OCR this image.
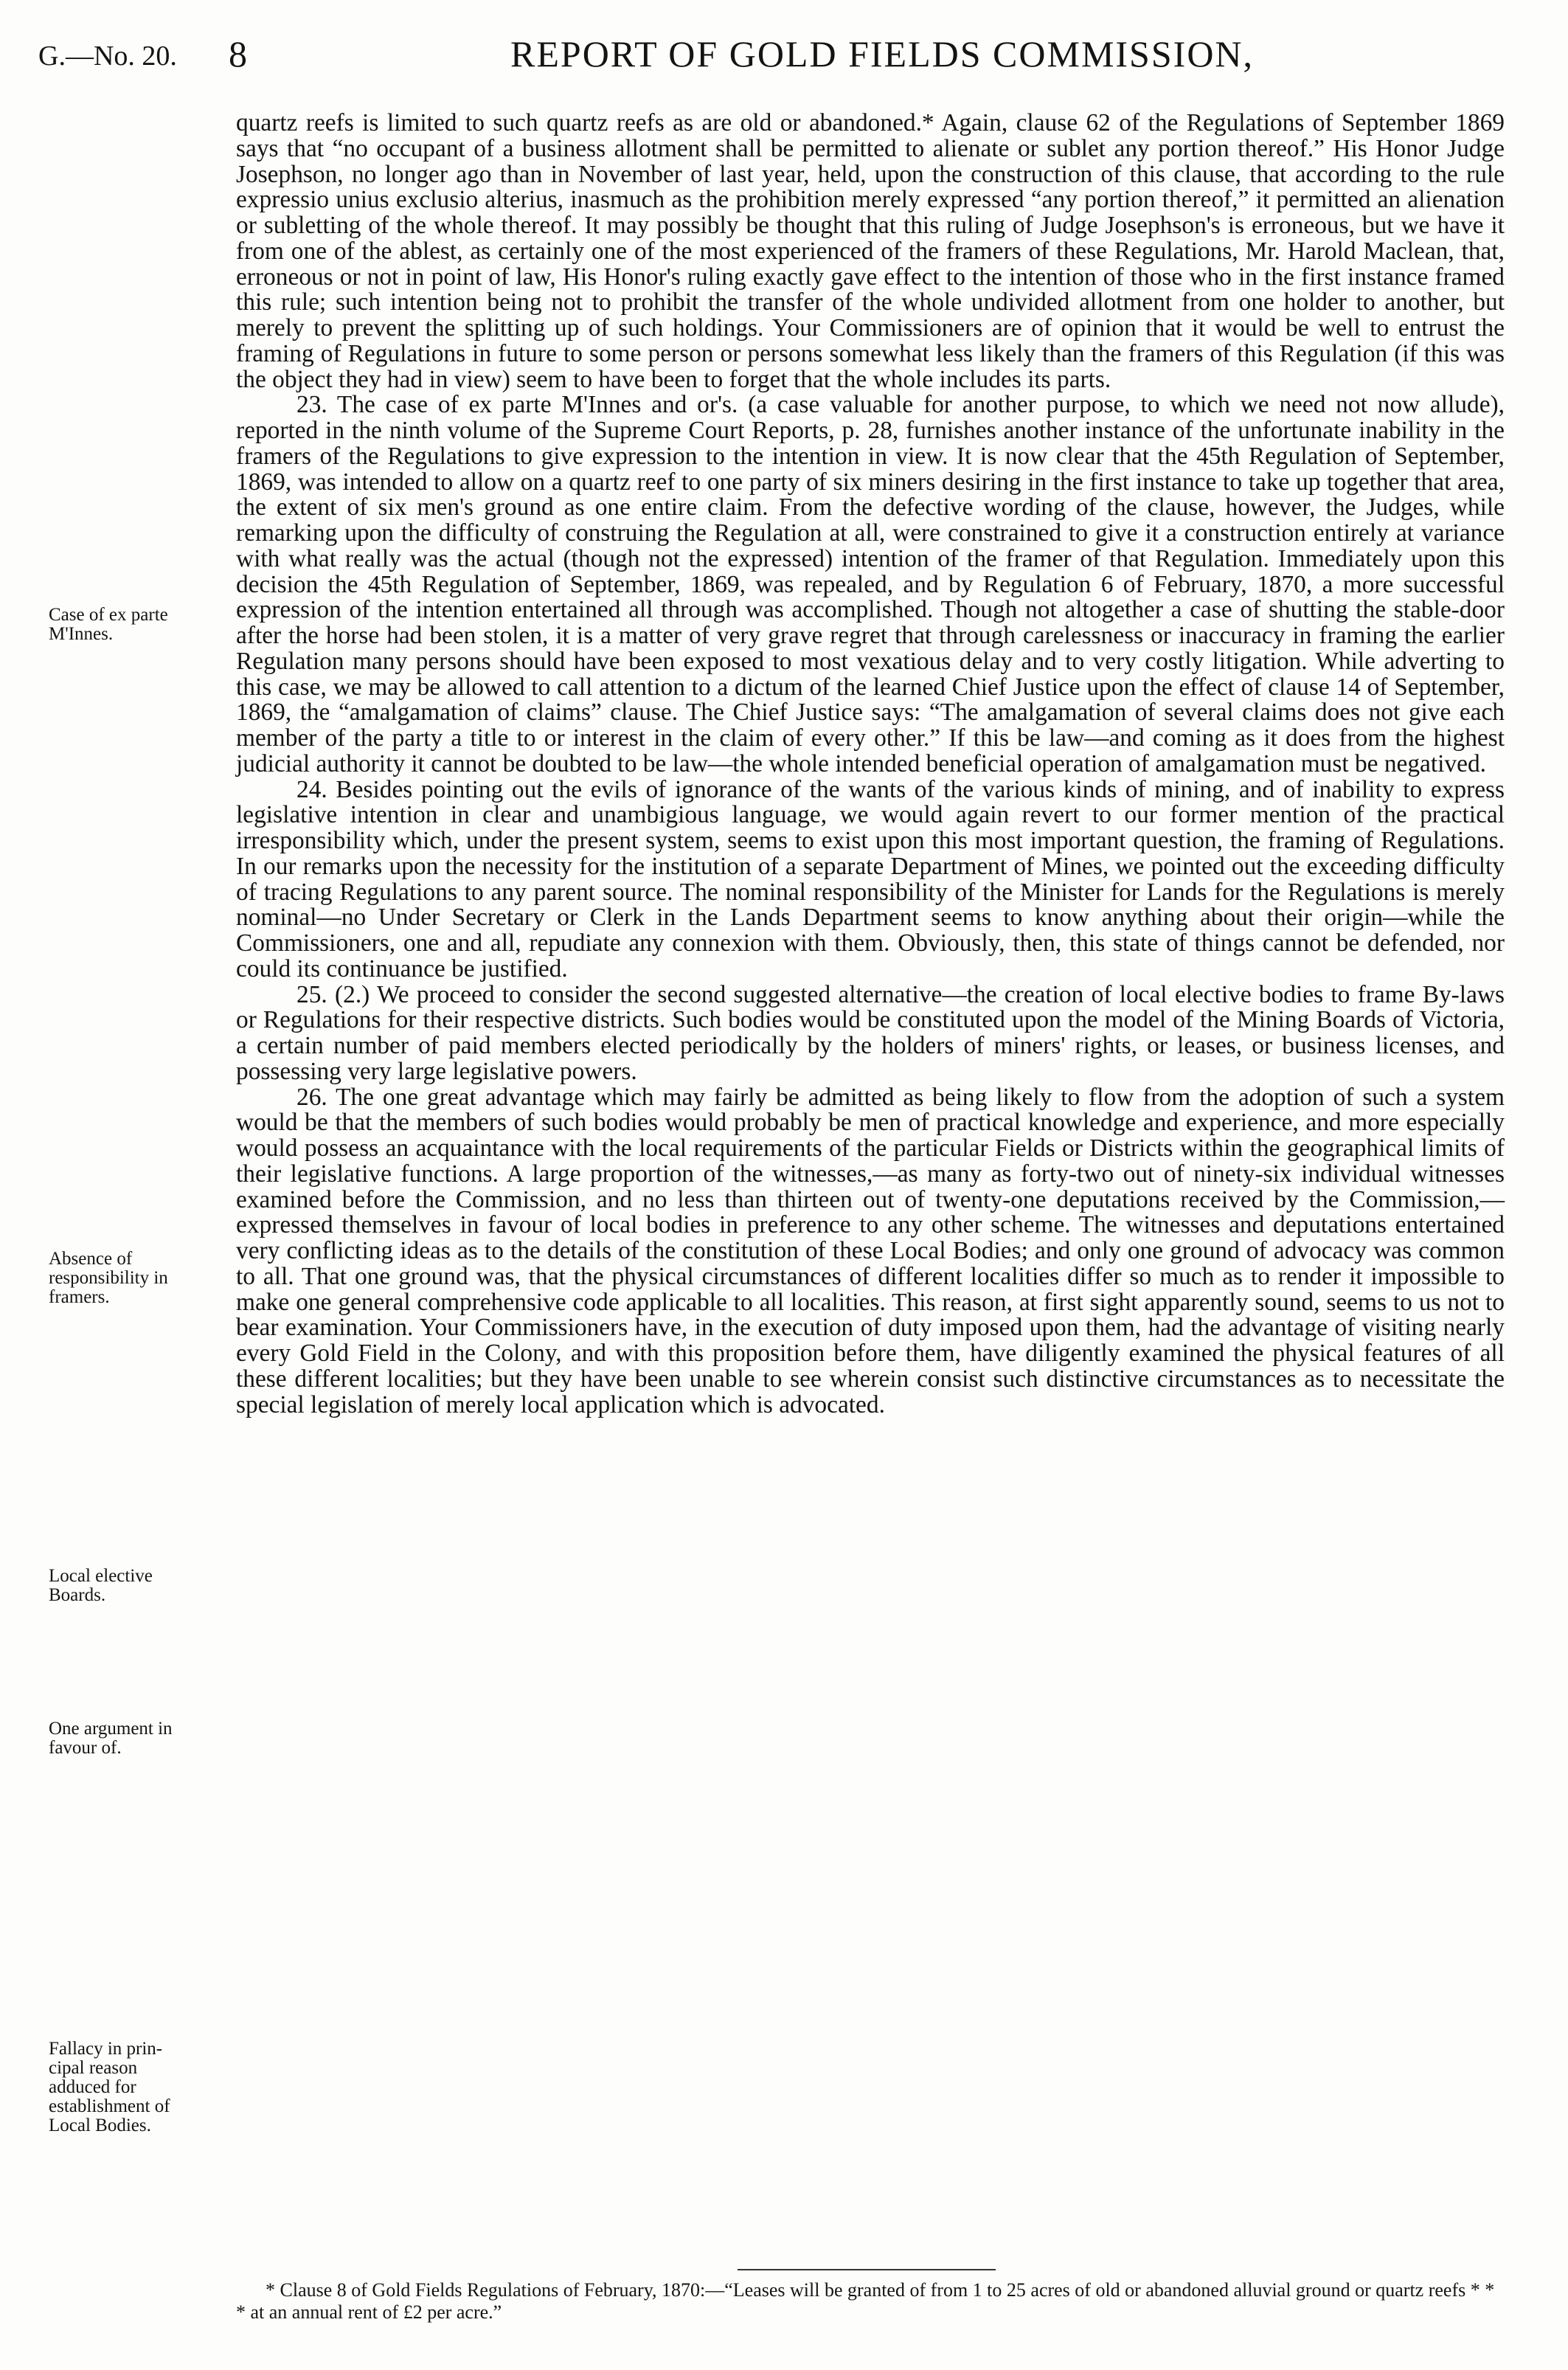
G.—No. 20. 8	REPORT OF GOLD FIELDS COMMISSION,
Case of ex parte
M'Innes.
Absence of
responsibility in
framers.
Local elective
Boards.
One argument in
favour of.
Fallacy in prin-
cipal reason
adduced for
establishment of
Local Bodies.

quartz reefs is limited to such quartz reefs as are old or abandoned.* Again, clause 62 of the Regulations of September 1869 says that “no occupant of a business allotment shall be permitted to alienate or sublet any portion thereof.” His Honor Judge Josephson, no longer ago than in November of last year, held, upon the construction of this clause, that according to the rule expressio unius exclusio alterius, inasmuch as the prohibition merely expressed “any portion thereof,” it permitted an alienation or subletting of the whole thereof. It may possibly be thought that this ruling of Judge Josephson's is erroneous, but we have it from one of the ablest, as certainly one of the most experienced of the framers of these Regulations, Mr. Harold Maclean, that, erroneous or not in point of law, His Honor's ruling exactly gave effect to the intention of those who in the first instance framed this rule; such intention being not to prohibit the transfer of the whole undivided allotment from one holder to another, but merely to prevent the splitting up of such holdings. Your Commissioners are of opinion that it would be well to entrust the framing of Regulations in future to some person or persons somewhat less likely than the framers of this Regulation (if this was the object they had in view) seem to have been to forget that the whole includes its parts.

23. The case of ex parte M'Innes and or's. (a case valuable for another purpose, to which we need not now allude), reported in the ninth volume of the Supreme Court Reports, p. 28, furnishes another instance of the unfortunate inability in the framers of the Regulations to give expression to the intention in view. It is now clear that the 45th Regulation of September, 1869, was intended to allow on a quartz reef to one party of six miners desiring in the first instance to take up together that area, the extent of six men's ground as one entire claim. From the defective wording of the clause, however, the Judges, while remarking upon the difficulty of construing the Regulation at all, were constrained to give it a construction entirely at variance with what really was the actual (though not the expressed) intention of the framer of that Regulation. Immediately upon this decision the 45th Regulation of September, 1869, was repealed, and by Regulation 6 of February, 1870, a more successful expression of the intention entertained all through was accomplished. Though not altogether a case of shutting the stable-door after the horse had been stolen, it is a matter of very grave regret that through carelessness or inaccuracy in framing the earlier Regulation many persons should have been exposed to most vexatious delay and to very costly litigation. While adverting to this case, we may be allowed to call attention to a dictum of the learned Chief Justice upon the effect of clause 14 of September, 1869, the “amalgamation of claims” clause. The Chief Justice says: “The amalgamation of several claims does not give each member of the party a title to or interest in the claim of every other.” If this be law—and coming as it does from the highest judicial authority it cannot be doubted to be law—the whole intended beneficial operation of amalgamation must be negatived.

24. Besides pointing out the evils of ignorance of the wants of the various kinds of mining, and of inability to express legislative intention in clear and unambigious language, we would again revert to our former mention of the practical irresponsibility which, under the present system, seems to exist upon this most important question, the framing of Regulations. In our remarks upon the necessity for the institution of a separate Department of Mines, we pointed out the exceeding difficulty of tracing Regulations to any parent source. The nominal responsibility of the Minister for Lands for the Regulations is merely nominal—no Under Secretary or Clerk in the Lands Department seems to know anything about their origin—while the Commissioners, one and all, repudiate any connexion with them. Obviously, then, this state of things cannot be defended, nor could its continuance be justified.

25. (2.) We proceed to consider the second suggested alternative—the creation of local elective bodies to frame By-laws or Regulations for their respective districts. Such bodies would be constituted upon the model of the Mining Boards of Victoria, a certain number of paid members elected periodically by the holders of miners' rights, or leases, or business licenses, and possessing very large legislative powers.

26. The one great advantage which may fairly be admitted as being likely to flow from the adoption of such a system would be that the members of such bodies would probably be men of practical knowledge and experience, and more especially would possess an acquaintance with the local requirements of the particular Fields or Districts within the geographical limits of their legislative functions. A large proportion of the witnesses,—as many as forty-two out of ninety-six individual witnesses examined before the Commission, and no less than thirteen out of twenty-one deputations received by the Commission,—expressed themselves in favour of local bodies in preference to any other scheme. The witnesses and deputations entertained very conflicting ideas as to the details of the constitution of these Local Bodies; and only one ground of advocacy was common to all. That one ground was, that the physical circumstances of different localities differ so much as to render it impossible to make one general comprehensive code applicable to all localities. This reason, at first sight apparently sound, seems to us not to bear examination. Your Commissioners have, in the execution of duty imposed upon them, had the advantage of visiting nearly every Gold Field in the Colony, and with this proposition before them, have diligently examined the physical features of all these different localities; but they have been unable to see wherein consist such distinctive circumstances as to necessitate the special legislation of merely local application which is advocated.

* Clause 8 of Gold Fields Regulations of February, 1870:—“Leases will be granted of from 1 to 25 acres of old or abandoned alluvial ground or quartz reefs * * * at an annual rent of £2 per acre.”
